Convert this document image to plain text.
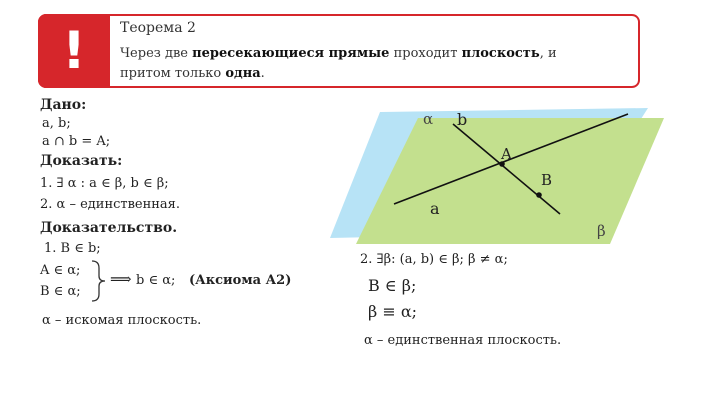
!	Теорема 2
Через две пересекающиеся прямые проходит плоскость, и
притом только одна.
Дано:
a, b;
a ∩ b = A;
Доказать:
1. ∃ α : a ∈ β, b ∈ β;
2. α – единственная.
Доказательство.
1. B ∈ b;
A ∈ α;
B ∈ α;
⟹ b ∈ α; (Аксиома А2)
α – искомая плоскость.
α b
A
B
a
β
2. ∃β: (a, b) ∈ β; β ≠ α;
B ∈ β;
β ≡ α;
α – единственная плоскость.
